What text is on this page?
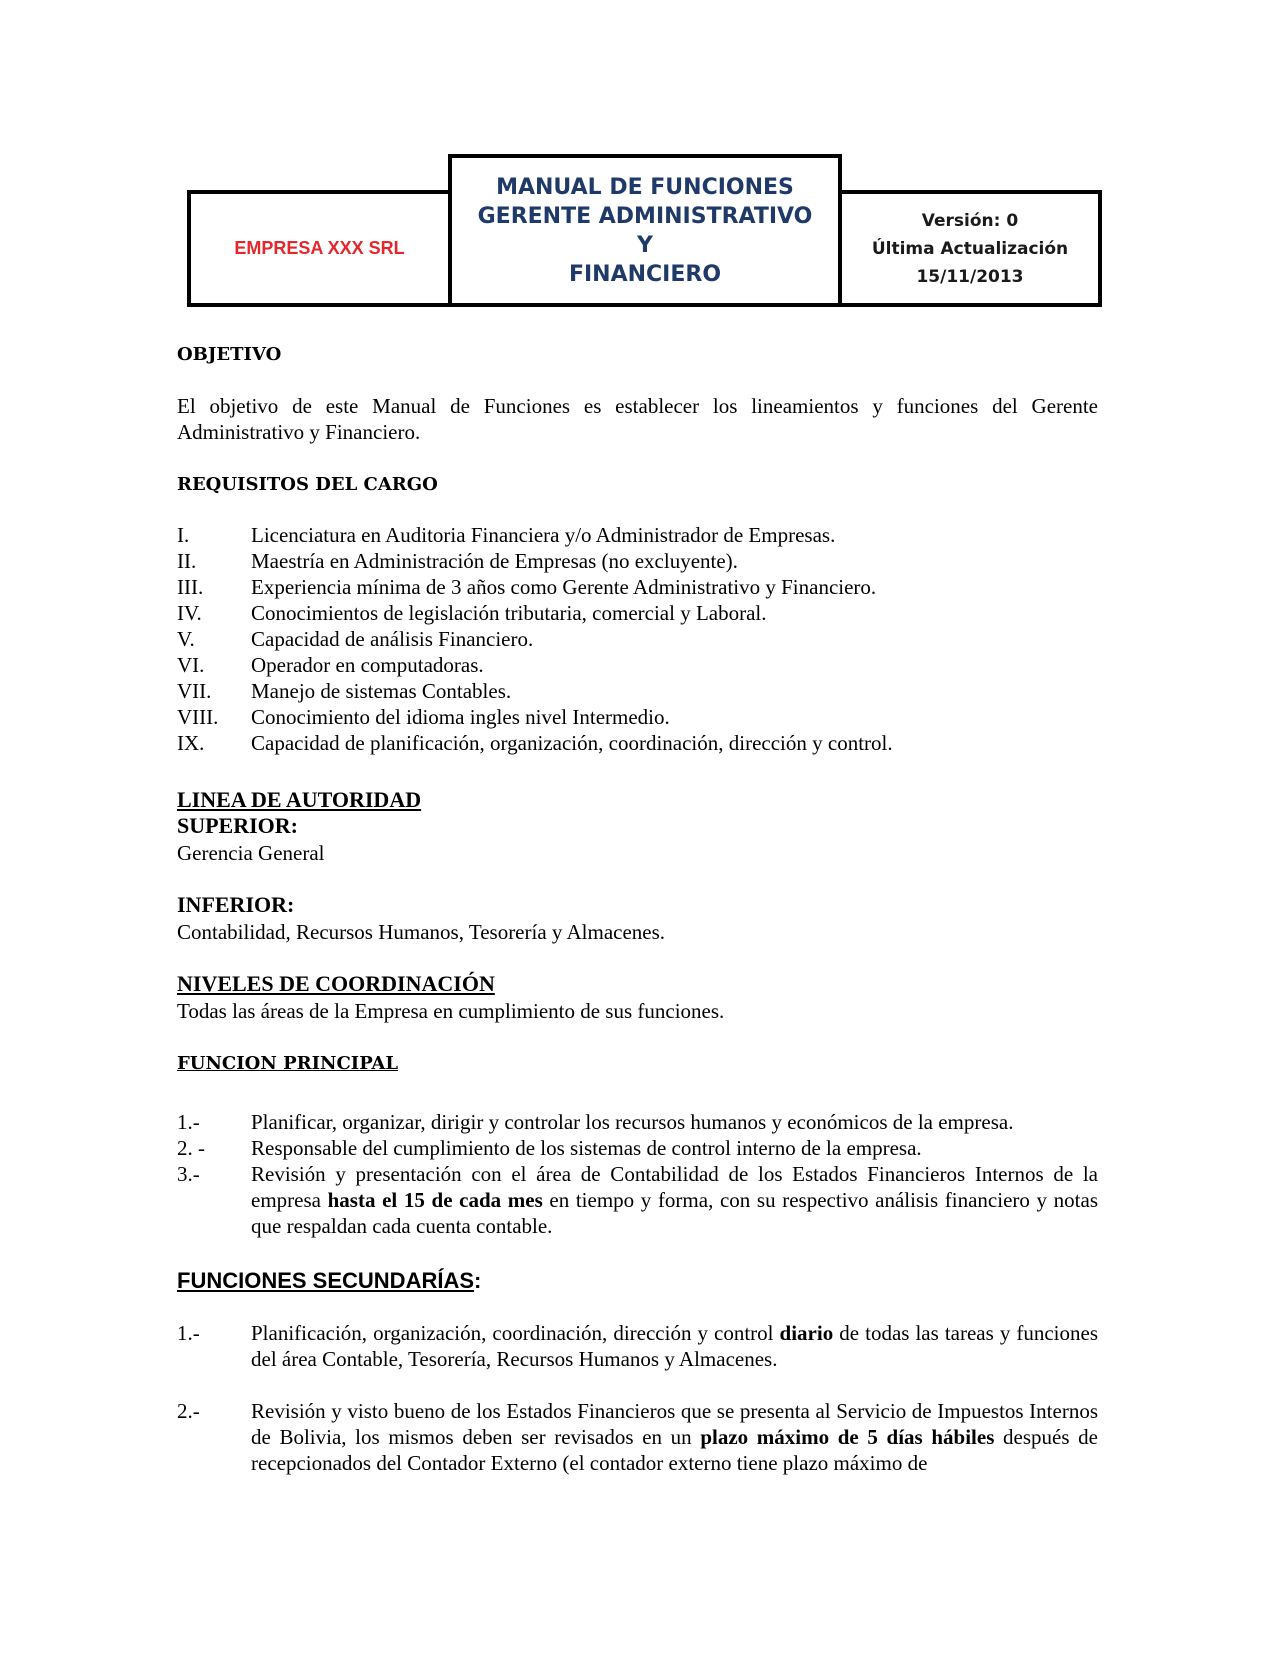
EMPRESA XXX SRL
MANUAL DE FUNCIONES
GERENTE ADMINISTRATIVO
Y
FINANCIERO
Versión: 0
Última Actualización
15/11/2013
OBJETIVO
El objetivo de este Manual de Funciones es establecer los lineamientos y funciones del Gerente Administrativo y Financiero.
REQUISITOS DEL CARGO
I.	Licenciatura en Auditoria Financiera y/o Administrador de Empresas.
II.	Maestría en Administración de Empresas (no excluyente).
III.	Experiencia mínima de 3 años como Gerente Administrativo y Financiero.
IV.	Conocimientos de legislación tributaria, comercial y Laboral.
V.	Capacidad de análisis Financiero.
VI.	Operador en computadoras.
VII.	Manejo de sistemas Contables.
VIII.	Conocimiento del idioma ingles nivel Intermedio.
IX.	Capacidad de planificación, organización, coordinación, dirección y control.
LINEA DE AUTORIDAD
SUPERIOR:
Gerencia General
INFERIOR:
Contabilidad, Recursos Humanos, Tesorería y Almacenes.
NIVELES DE COORDINACIÓN
Todas las áreas de la Empresa en cumplimiento de sus funciones.
FUNCION PRINCIPAL
1.-	Planificar, organizar, dirigir y controlar los recursos humanos y económicos de la empresa.
2. -	Responsable del cumplimiento de los sistemas de control interno de la empresa.
3.-	Revisión y presentación con el área de Contabilidad de los Estados Financieros Internos de la empresa hasta el 15 de cada mes en tiempo y forma, con su respectivo análisis financiero y notas que respaldan cada cuenta contable.
FUNCIONES SECUNDARÍAS:
1.-	Planificación, organización, coordinación, dirección y control diario de todas las tareas y funciones del área Contable, Tesorería, Recursos Humanos y Almacenes.
2.-	Revisión y visto bueno de los Estados Financieros que se presenta al Servicio de Impuestos Internos de Bolivia, los mismos deben ser revisados en un plazo máximo de 5 días hábiles después de recepcionados del Contador Externo (el contador externo tiene plazo máximo de
